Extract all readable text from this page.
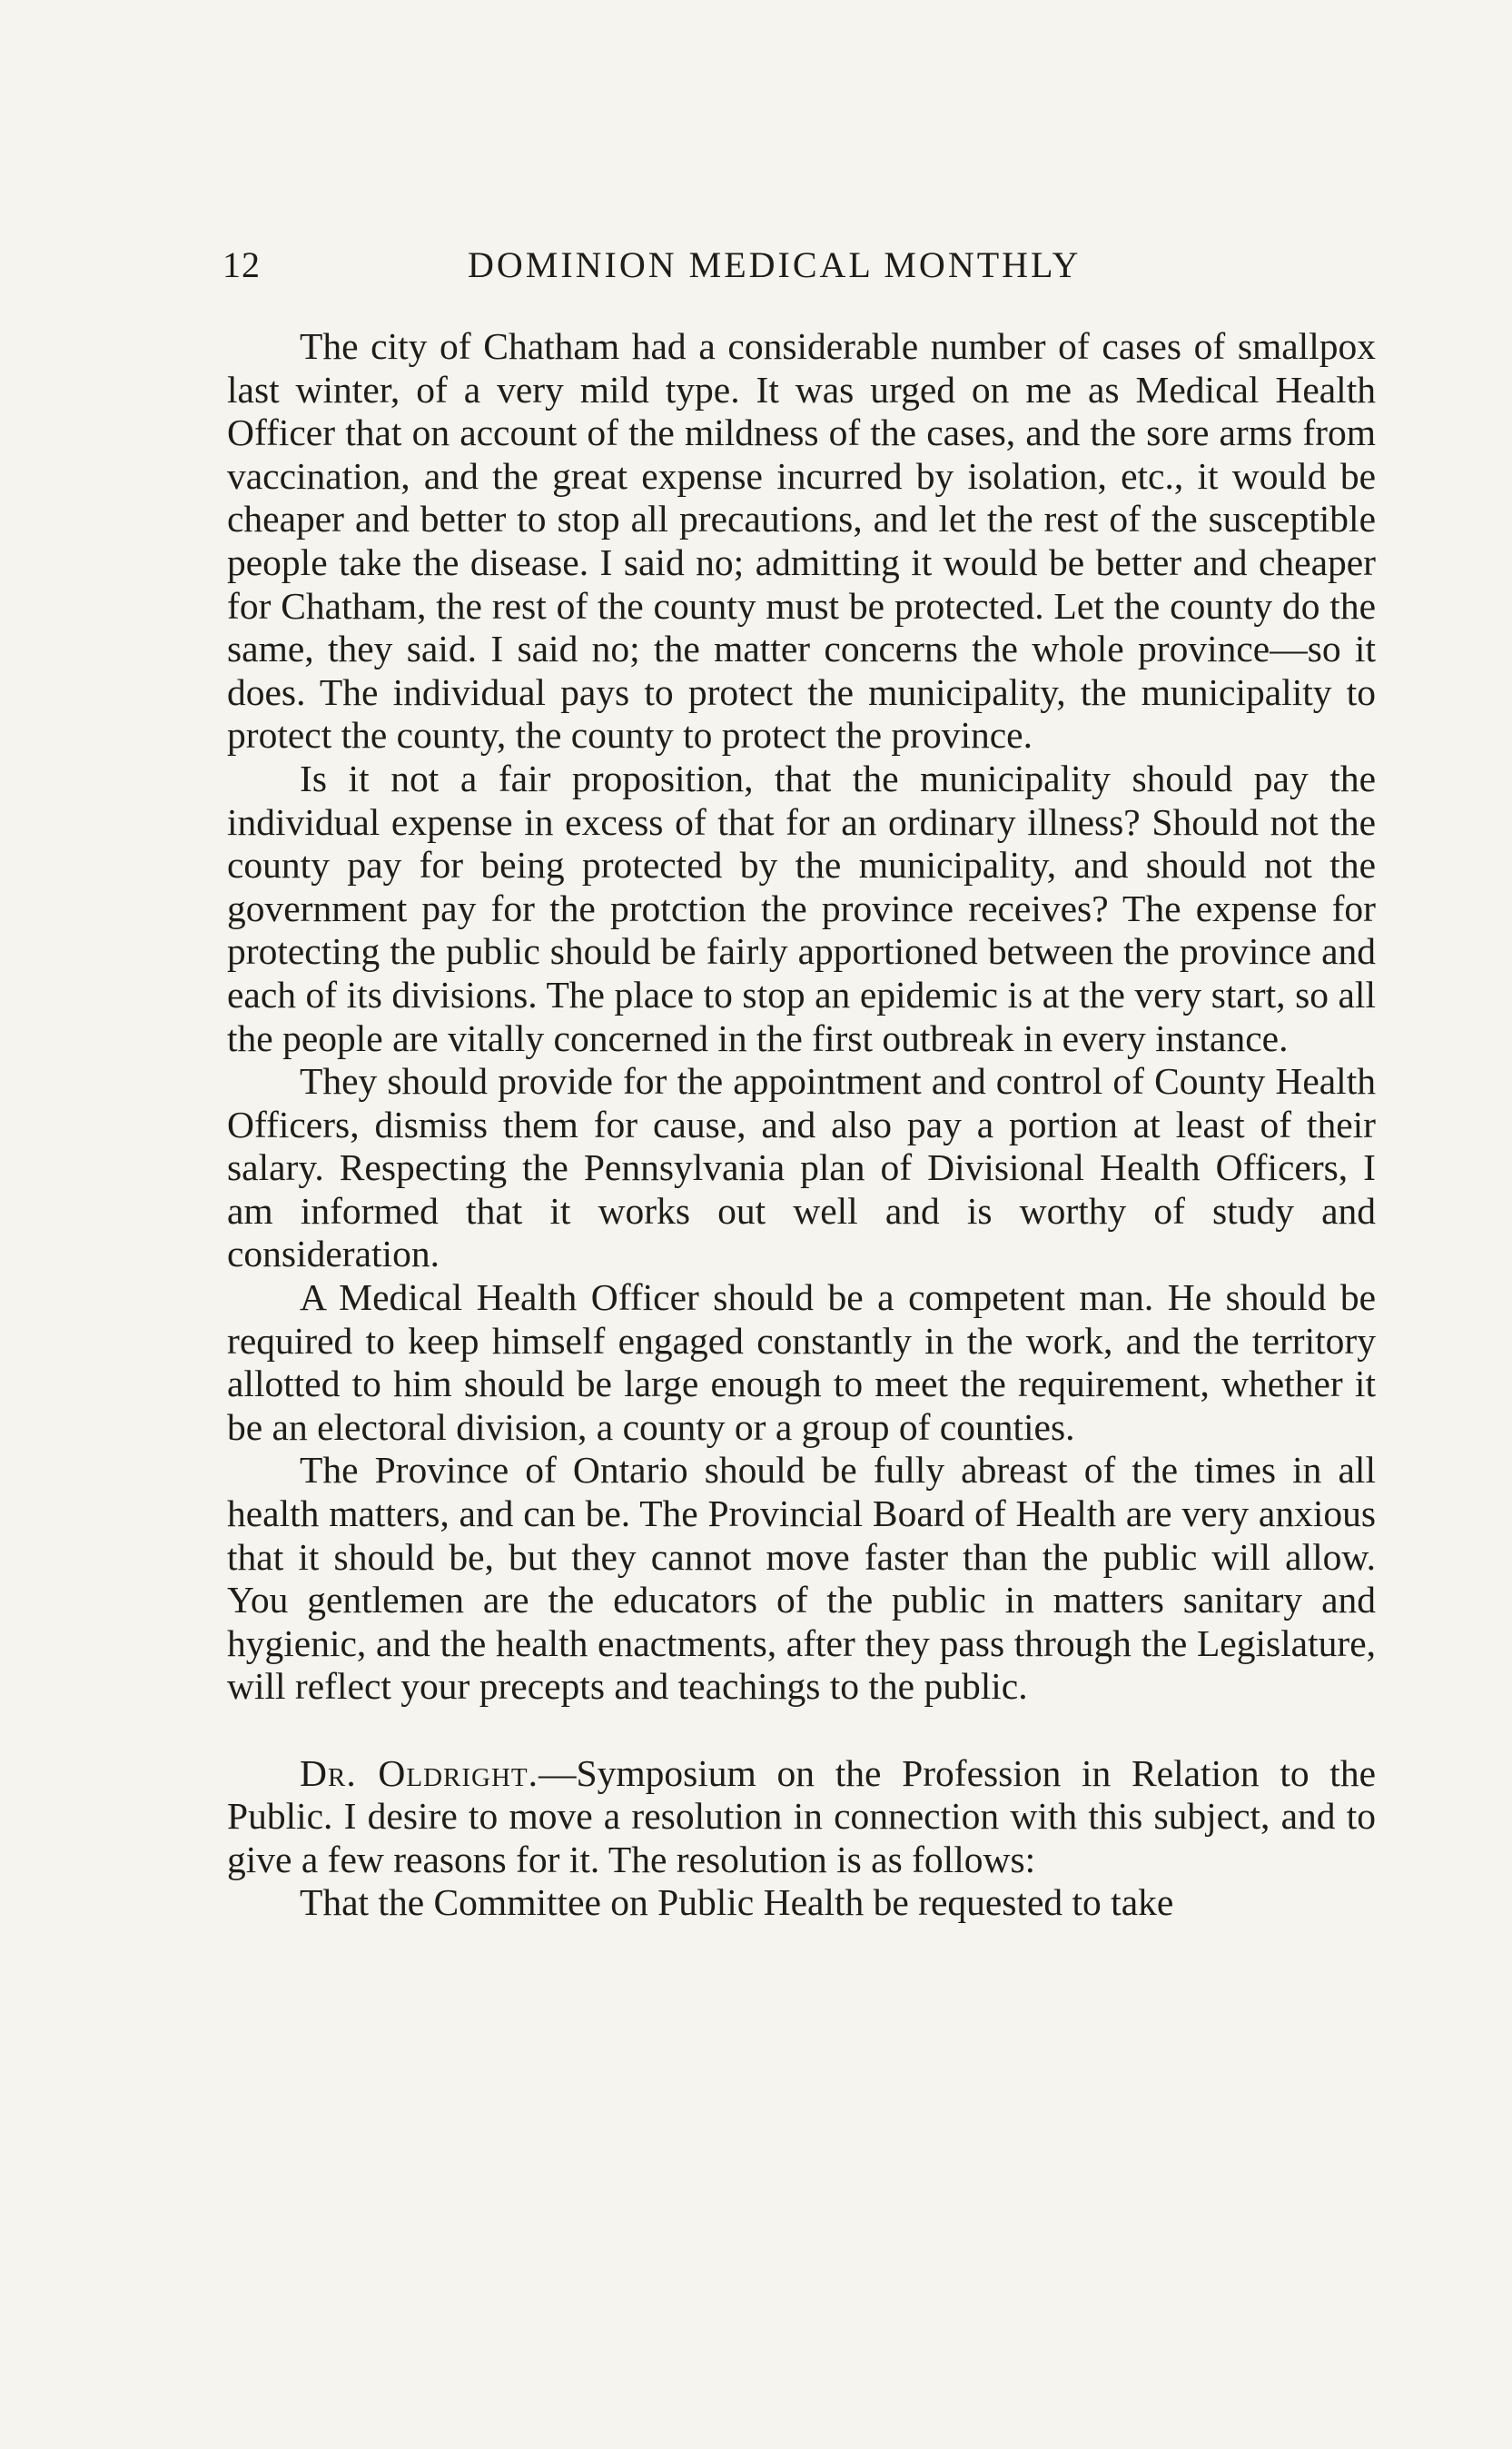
12	DOMINION MEDICAL MONTHLY

The city of Chatham had a considerable number of cases of smallpox last winter, of a very mild type. It was urged on me as Medical Health Officer that on account of the mildness of the cases, and the sore arms from vaccination, and the great expense incurred by isolation, etc., it would be cheaper and better to stop all precautions, and let the rest of the susceptible people take the disease. I said no; admitting it would be better and cheaper for Chatham, the rest of the county must be protected. Let the county do the same, they said. I said no; the matter concerns the whole province—so it does. The individual pays to protect the municipality, the municipality to protect the county, the county to protect the province.

Is it not a fair proposition, that the municipality should pay the individual expense in excess of that for an ordinary illness? Should not the county pay for being protected by the municipality, and should not the government pay for the protction the province receives? The expense for protecting the public should be fairly apportioned between the province and each of its divisions. The place to stop an epidemic is at the very start, so all the people are vitally concerned in the first outbreak in every instance.

They should provide for the appointment and control of County Health Officers, dismiss them for cause, and also pay a portion at least of their salary. Respecting the Pennsylvania plan of Divisional Health Officers, I am informed that it works out well and is worthy of study and consideration.

A Medical Health Officer should be a competent man. He should be required to keep himself engaged constantly in the work, and the territory allotted to him should be large enough to meet the requirement, whether it be an electoral division, a county or a group of counties.

The Province of Ontario should be fully abreast of the times in all health matters, and can be. The Provincial Board of Health are very anxious that it should be, but they cannot move faster than the public will allow. You gentlemen are the educators of the public in matters sanitary and hygienic, and the health enactments, after they pass through the Legislature, will reflect your precepts and teachings to the public.

Dr. Oldright.—Symposium on the Profession in Relation to the Public. I desire to move a resolution in connection with this subject, and to give a few reasons for it. The resolution is as follows:

That the Committee on Public Health be requested to take
